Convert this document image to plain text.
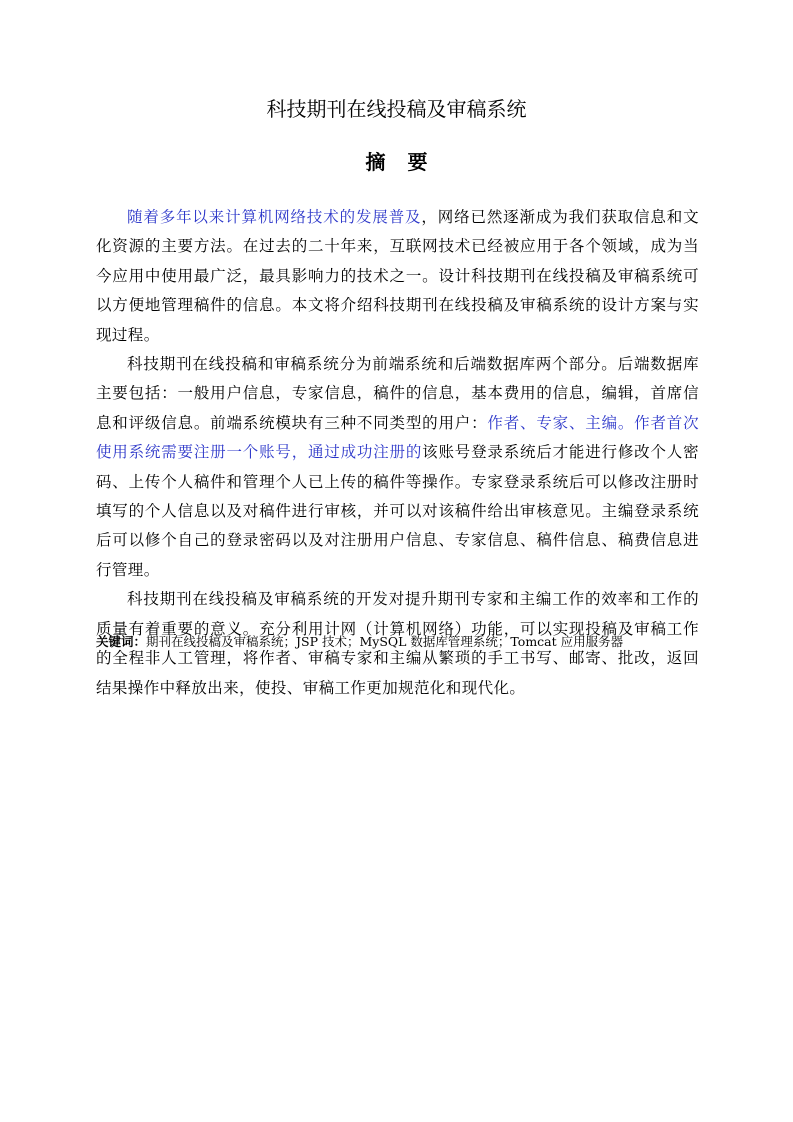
科技期刊在线投稿及审稿系统
摘要

随着多年以来计算机网络技术的发展普及，网络已然逐渐成为我们获取信息和文化资源的主要方法。在过去的二十年来，互联网技术已经被应用于各个领域，成为当今应用中使用最广泛，最具影响力的技术之一。设计科技期刊在线投稿及审稿系统可以方便地管理稿件的信息。本文将介绍科技期刊在线投稿及审稿系统的设计方案与实现过程。

科技期刊在线投稿和审稿系统分为前端系统和后端数据库两个部分。后端数据库主要包括：一般用户信息，专家信息，稿件的信息，基本费用的信息，编辑，首席信息和评级信息。前端系统模块有三种不同类型的用户：作者、专家、主编。作者首次使用系统需要注册一个账号，通过成功注册的该账号登录系统后才能进行修改个人密码、上传个人稿件和管理个人已上传的稿件等操作。专家登录系统后可以修改注册时填写的个人信息以及对稿件进行审核，并可以对该稿件给出审核意见。主编登录系统后可以修个自己的登录密码以及对注册用户信息、专家信息、稿件信息、稿费信息进行管理。

科技期刊在线投稿及审稿系统的开发对提升期刊专家和主编工作的效率和工作的质量有着重要的意义。充分利用计网（计算机网络）功能，可以实现投稿及审稿工作的全程非人工管理，将作者、审稿专家和主编从繁琐的手工书写、邮寄、批改，返回结果操作中释放出来，使投、审稿工作更加规范化和现代化。

关键词：期刊在线投稿及审稿系统；JSP 技术；MySQL 数据库管理系统；Tomcat 应用服务器
